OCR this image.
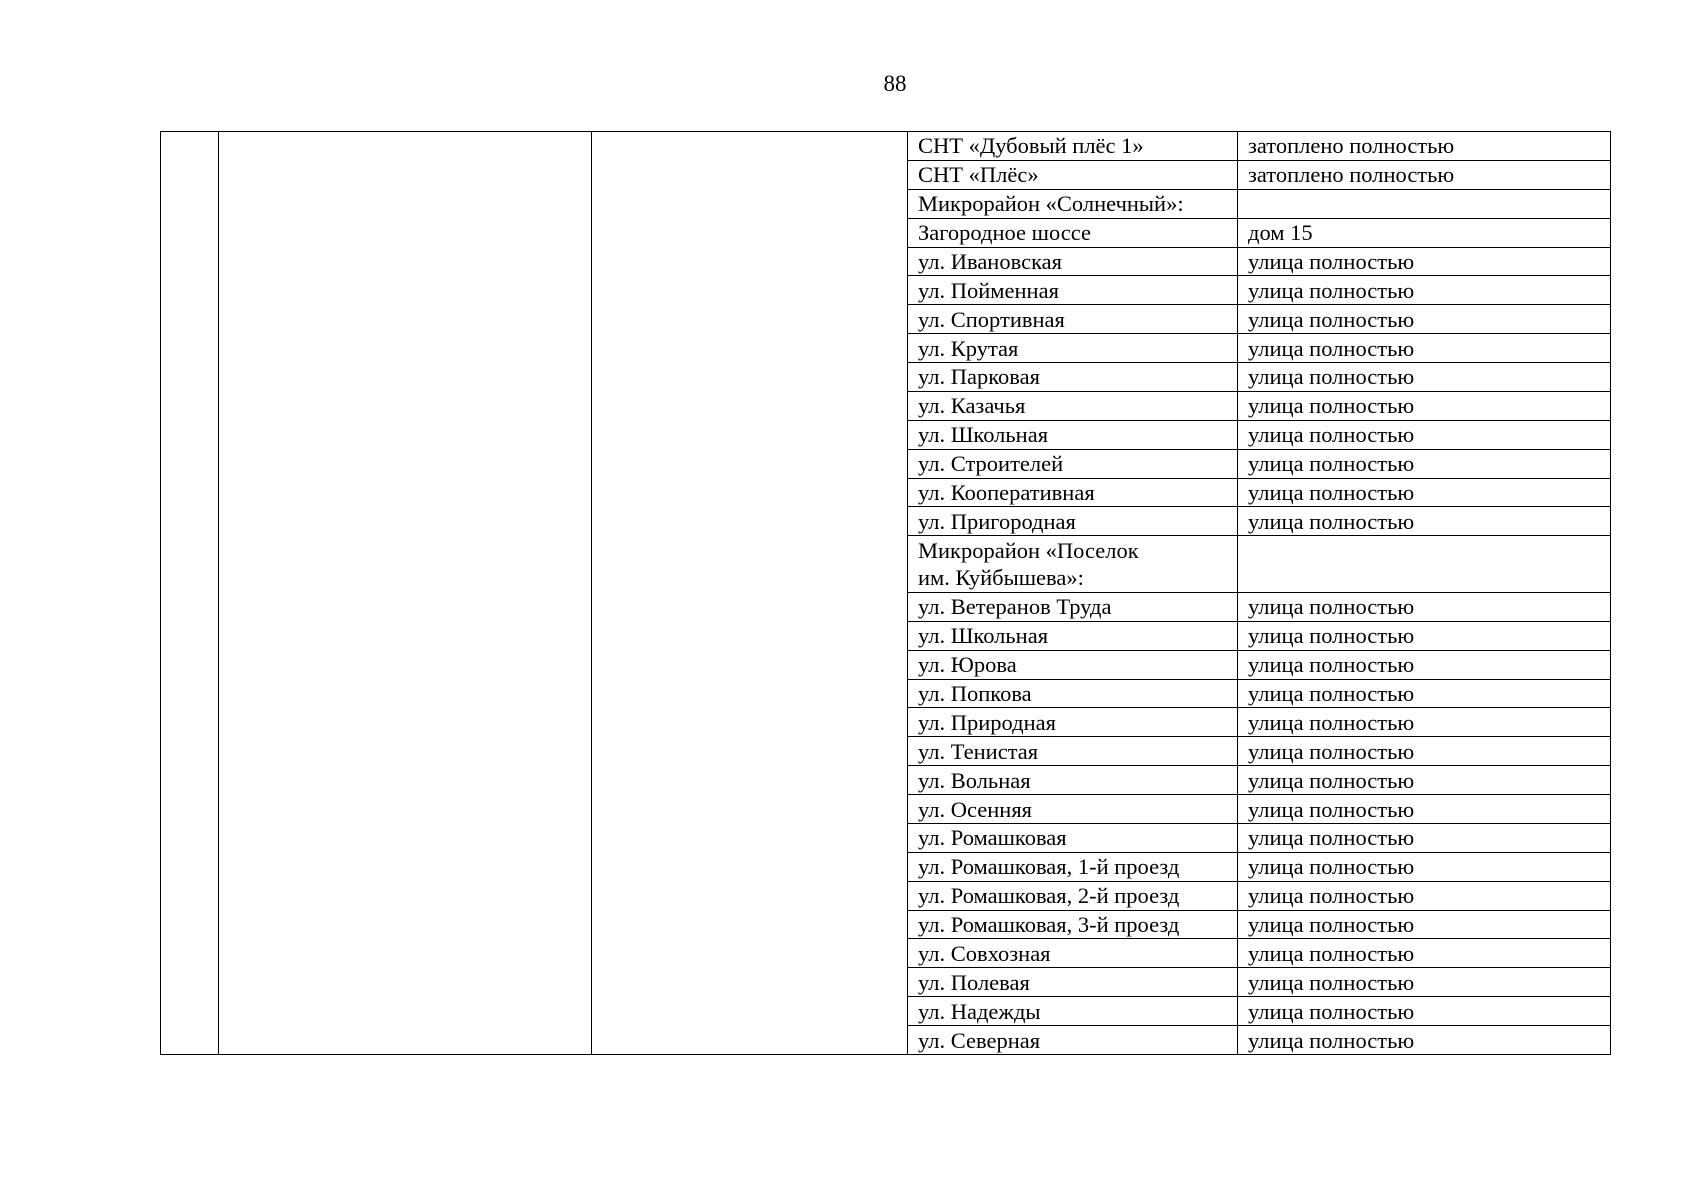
88
			СНТ «Дубовый плёс 1»	затоплено полностью
			СНТ «Плёс»	затоплено полностью
			Микрорайон «Солнечный»:	
			Загородное шоссе	дом 15
			ул. Ивановская	улица полностью
			ул. Пойменная	улица полностью
			ул. Спортивная	улица полностью
			ул. Крутая	улица полностью
			ул. Парковая	улица полностью
			ул. Казачья	улица полностью
			ул. Школьная	улица полностью
			ул. Строителей	улица полностью
			ул. Кооперативная	улица полностью
			ул. Пригородная	улица полностью
			Микрорайон «Поселок
им. Куйбышева»:	
			ул. Ветеранов Труда	улица полностью
			ул. Школьная	улица полностью
			ул. Юрова	улица полностью
			ул. Попкова	улица полностью
			ул. Природная	улица полностью
			ул. Тенистая	улица полностью
			ул. Вольная	улица полностью
			ул. Осенняя	улица полностью
			ул. Ромашковая	улица полностью
			ул. Ромашковая, 1-й проезд	улица полностью
			ул. Ромашковая, 2-й проезд	улица полностью
			ул. Ромашковая, 3-й проезд	улица полностью
			ул. Совхозная	улица полностью
			ул. Полевая	улица полностью
			ул. Надежды	улица полностью
			ул. Северная	улица полностью
